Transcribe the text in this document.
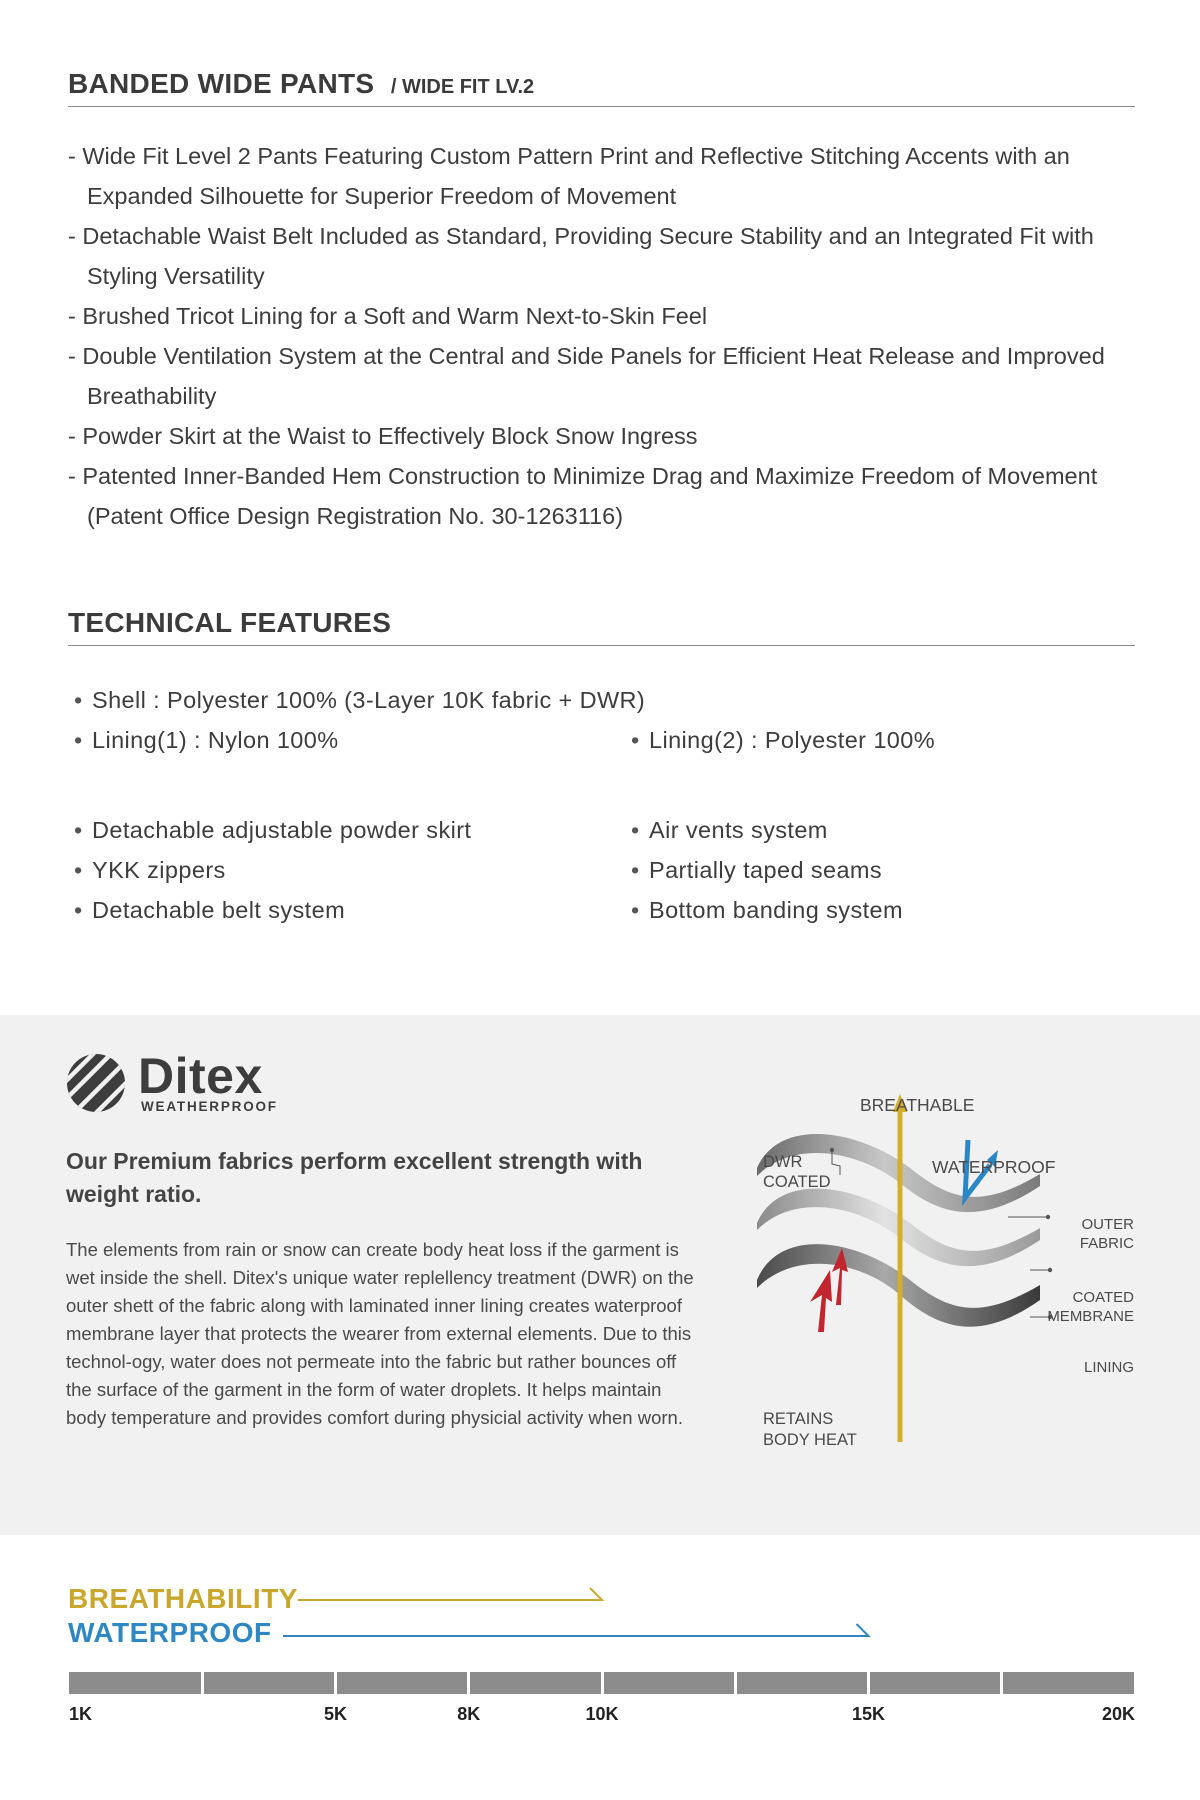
BANDED WIDE PANTS / WIDE FIT LV.2
- Wide Fit Level 2 Pants Featuring Custom Pattern Print and Reflective Stitching Accents with an Expanded Silhouette for Superior Freedom of Movement
- Detachable Waist Belt Included as Standard, Providing Secure Stability and an Integrated Fit with Styling Versatility
- Brushed Tricot Lining for a Soft and Warm Next-to-Skin Feel
- Double Ventilation System at the Central and Side Panels for Efficient Heat Release and Improved Breathability
- Powder Skirt at the Waist to Effectively Block Snow Ingress
- Patented Inner-Banded Hem Construction to Minimize Drag and Maximize Freedom of Movement (Patent Office Design Registration No. 30-1263116)
TECHNICAL FEATURES
• Shell : Polyester 100% (3-Layer 10K fabric + DWR)
• Lining(1) : Nylon 100%	• Lining(2) : Polyester 100%
• Detachable adjustable powder skirt
• YKK zippers
• Detachable belt system
• Air vents system
• Partially taped seams
• Bottom banding system
Ditex
WEATHERPROOF
Our Premium fabrics perform excellent strength with weight ratio.
The elements from rain or snow can create body heat loss if the garment is wet inside the shell. Ditex's unique water replellency treatment (DWR) on the outer shett of the fabric along with laminated inner lining creates waterproof membrane layer that protects the wearer from external elements. Due to this technol-ogy, water does not permeate into the fabric but rather bounces off the surface of the garment in the form of water droplets. It helps maintain body temperature and provides comfort during physicial activity when worn.
BREATHABLE
DWR
COATED
WATERPROOF
OUTER
FABRIC
COATED
MEMBRANE
LINING
RETAINS
BODY HEAT
BREATHABILITY
WATERPROOF
1K	5K	8K	10K	15K	20K
